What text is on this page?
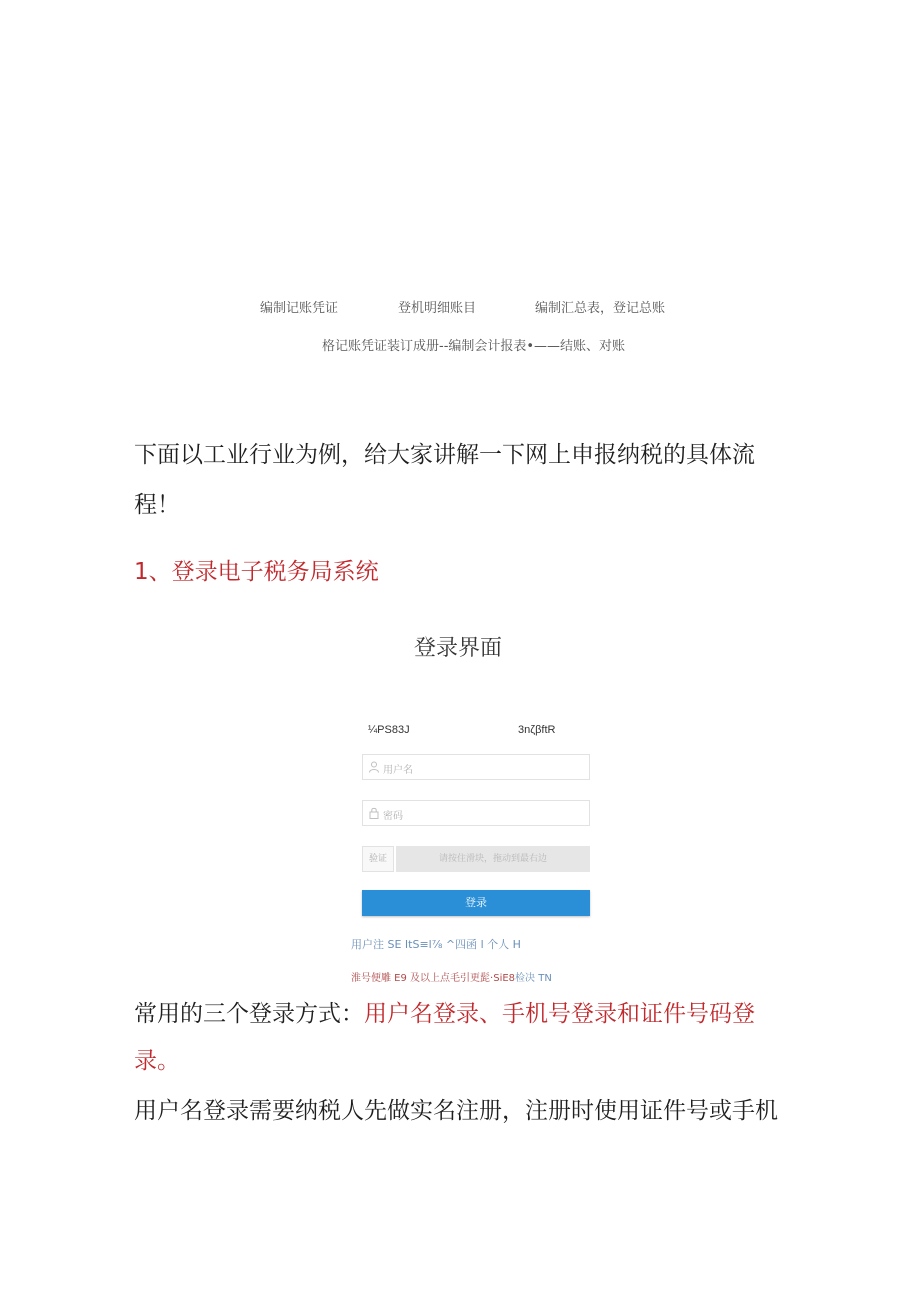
编制记账凭证	登机明细账目	编制汇总表，登记总账
格记账凭证装订成册--编制会计报表•——结账、对账
下面以工业行业为例，给大家讲解一下网上申报纳税的具体流
程！
1、登录电子税务局系统
登录界面
¼PS83J	3nζβftR
用户名
密码
验证	请按住滑块，拖动到最右边
登录
用户注 SE ItS≡l⅞ ^四函 l 个人 H
淮号便雕 E9 及以上点毛引更髭·SiE8检决 TN
常用的三个登录方式：用户名登录、手机号登录和证件号码登
录。
用户名登录需要纳税人先做实名注册，注册时使用证件号或手机
